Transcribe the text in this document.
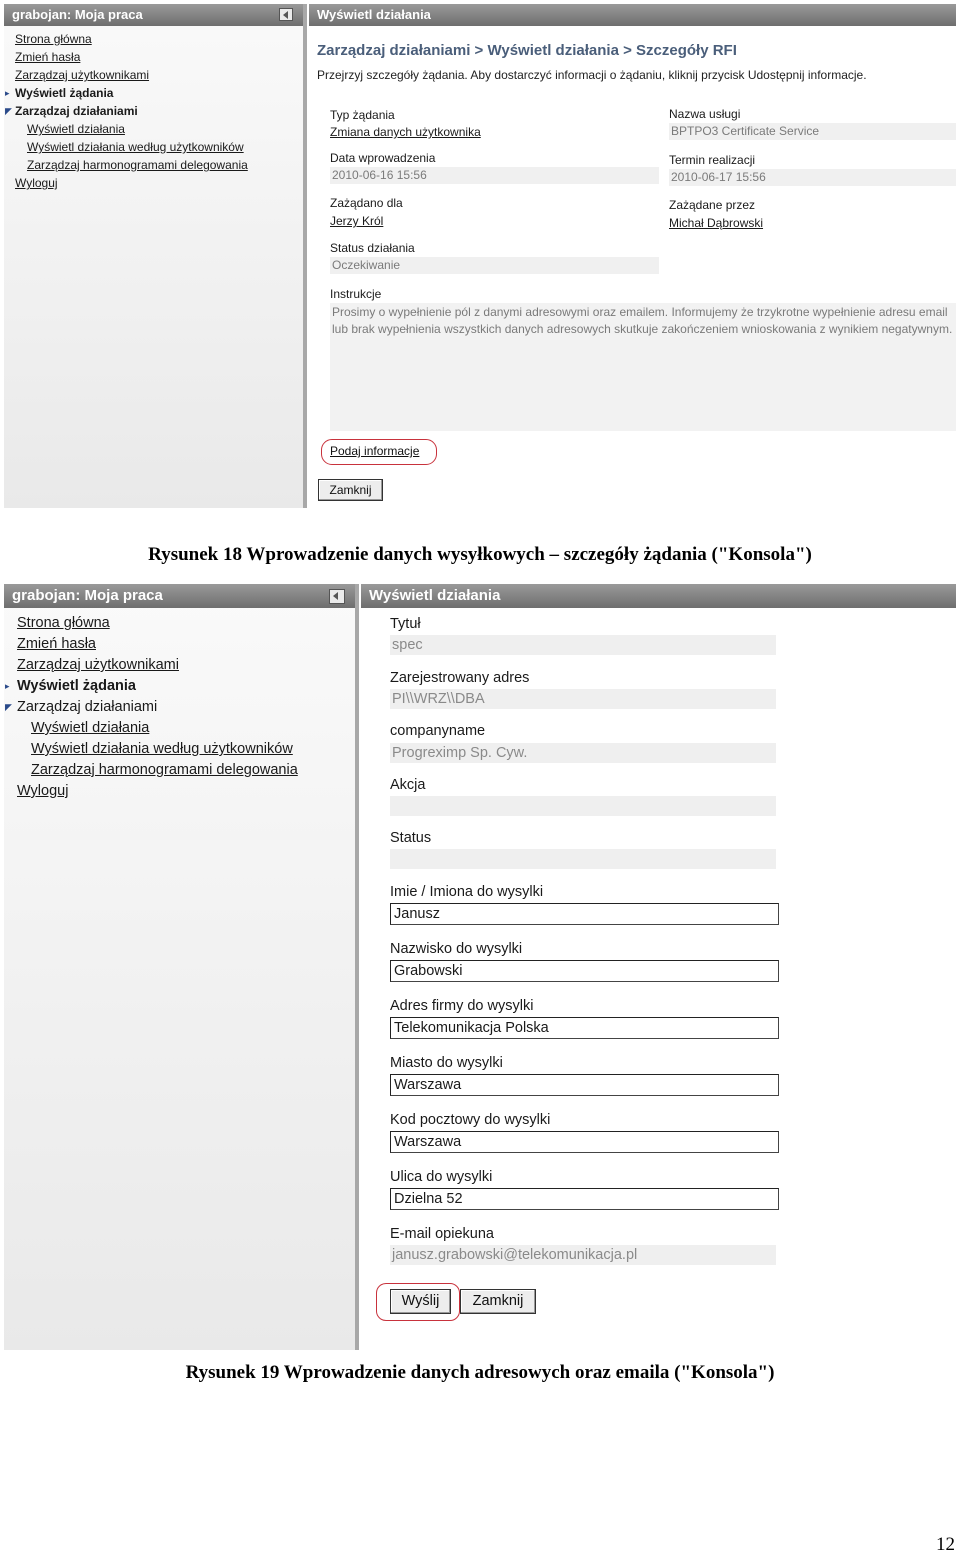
grabojan: Moja praca
Strona główna
Zmień hasła
Zarządzaj użytkownikami
▸ Wyświetl żądania
◤ Zarządzaj działaniami
Wyświetl działania
Wyświetl działania według użytkowników
Zarządzaj harmonogramami delegowania
Wyloguj
Wyświetl działania
Zarządzaj działaniami > Wyświetl działania > Szczegóły RFI
Przejrzyj szczegóły żądania. Aby dostarczyć informacji o żądaniu, kliknij przycisk Udostępnij informacje.
Typ żądania
Zmiana danych użytkownika
Data wprowadzenia
2010-06-16 15:56
Zażądano dla
Jerzy Król
Status działania
Oczekiwanie
Nazwa usługi
BPTPO3 Certificate Service
Termin realizacji
2010-06-17 15:56
Zażądane przez
Michał Dąbrowski
Instrukcje
Prosimy o wypełnienie pól z danymi adresowymi oraz emailem. Informujemy że trzykrotne wypełnienie adresu email lub brak wypełnienia wszystkich danych adresowych skutkuje zakończeniem wnioskowania z wynikiem negatywnym.
Podaj informacje
Zamknij
Rysunek 18 Wprowadzenie danych wysyłkowych – szczegóły żądania ("Konsola")
grabojan: Moja praca
Strona główna
Zmień hasła
Zarządzaj użytkownikami
▸ Wyświetl żądania
◤ Zarządzaj działaniami
Wyświetl działania
Wyświetl działania według użytkowników
Zarządzaj harmonogramami delegowania
Wyloguj
Wyświetl działania
Tytuł
spec
Zarejestrowany adres
PI\\WRZ\\DBA
companyname
Progreximp Sp. Cyw.
Akcja
Status
Imie / Imiona do wysylki
Janusz
Nazwisko do wysylki
Grabowski
Adres firmy do wysylki
Telekomunikacja Polska
Miasto do wysylki
Warszawa
Kod pocztowy do wysylki
Warszawa
Ulica do wysylki
Dzielna 52
E-mail opiekuna
janusz.grabowski@telekomunikacja.pl
Wyślij	Zamknij
Rysunek 19 Wprowadzenie danych adresowych oraz emaila ("Konsola")
12
